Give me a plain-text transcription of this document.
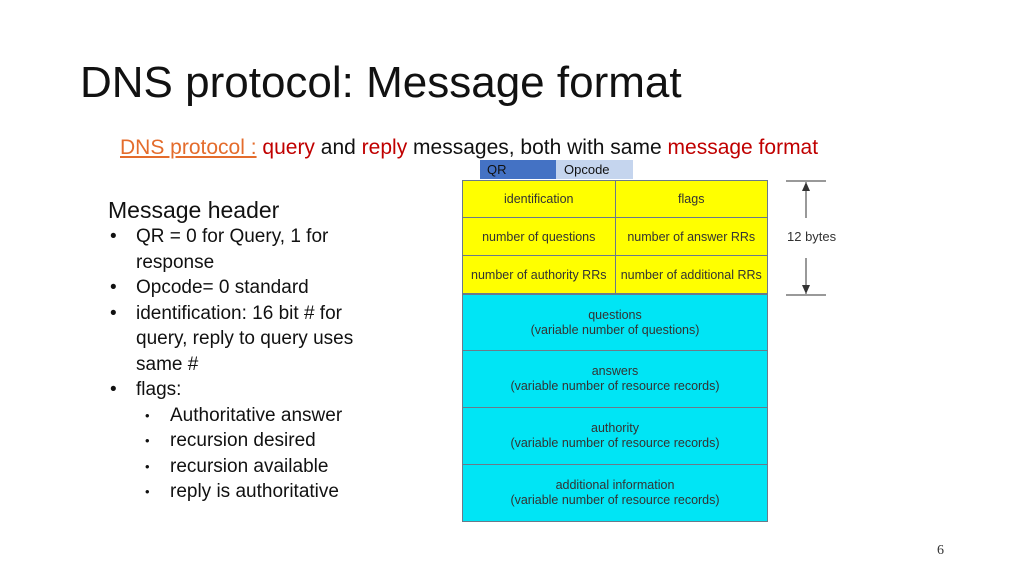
DNS protocol: Message format
DNS protocol : query and reply messages, both with same message format
QR	Opcode
Message header
• QR = 0 for Query, 1 for response
• Opcode= 0 standard
• identification: 16 bit # for query, reply to query uses same #
• flags:
• Authoritative answer
• recursion desired
• recursion available
• reply is authoritative
identification	flags
number of questions	number of answer RRs
number of authority RRs	number of additional RRs
questions
(variable number of questions)
answers
(variable number of resource records)
authority
(variable number of resource records)
additional information
(variable number of resource records)
12 bytes
6
